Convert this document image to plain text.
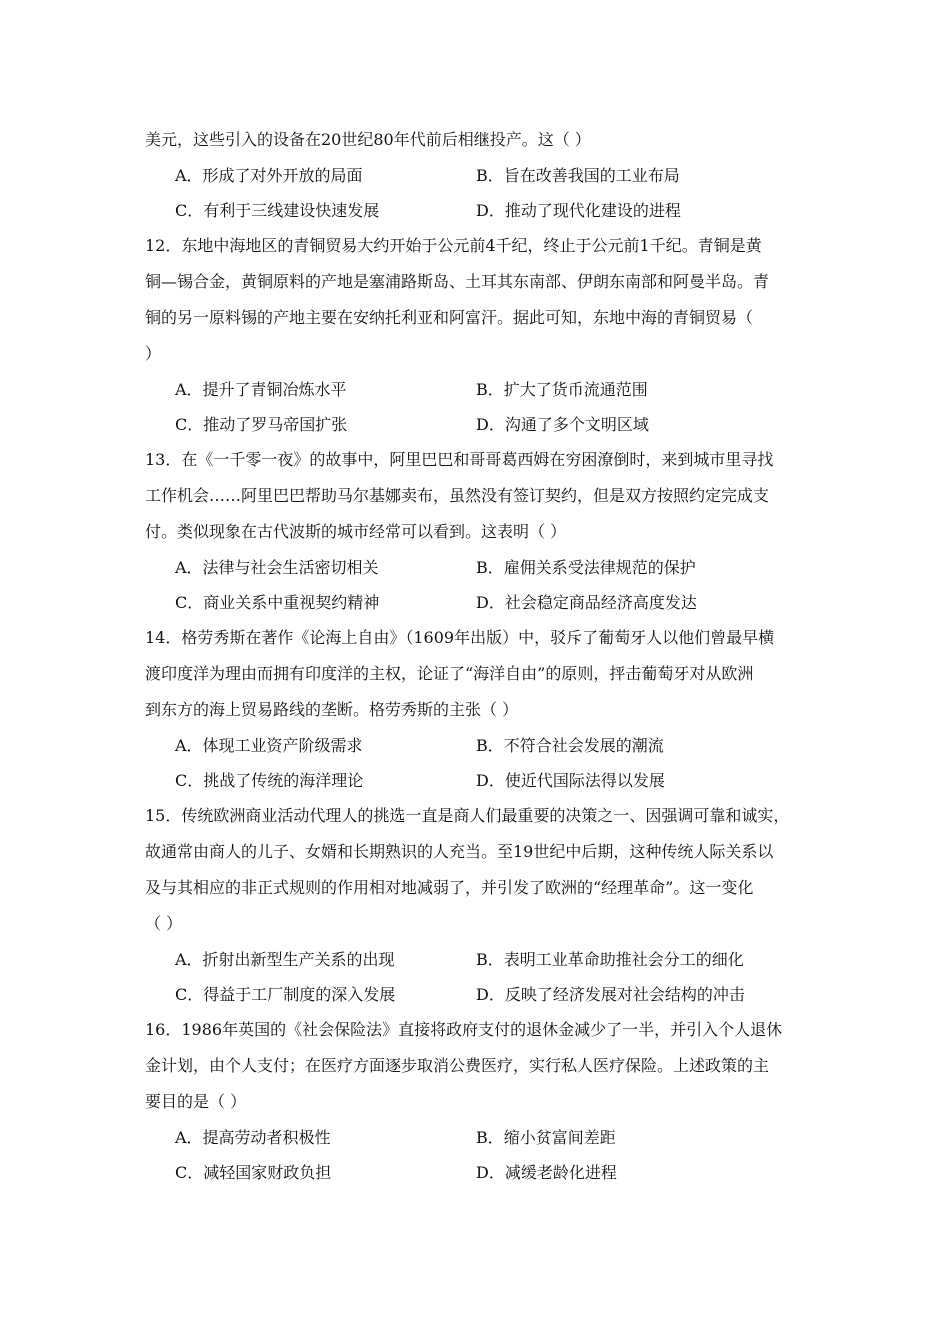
美元，这些引入的设备在20世纪80年代前后相继投产。这（ ）
A．形成了对外开放的局面	B．旨在改善我国的工业布局
C．有利于三线建设快速发展	D．推动了现代化建设的进程
12．东地中海地区的青铜贸易大约开始于公元前4千纪，终止于公元前1千纪。青铜是黄
铜—锡合金，黄铜原料的产地是塞浦路斯岛、土耳其东南部、伊朗东南部和阿曼半岛。青
铜的另一原料锡的产地主要在安纳托利亚和阿富汗。据此可知，东地中海的青铜贸易（
）
A．提升了青铜冶炼水平	B．扩大了货币流通范围
C．推动了罗马帝国扩张	D．沟通了多个文明区域
13．在《一千零一夜》的故事中，阿里巴巴和哥哥葛西姆在穷困潦倒时，来到城市里寻找
工作机会……阿里巴巴帮助马尔基娜卖布，虽然没有签订契约，但是双方按照约定完成支
付。类似现象在古代波斯的城市经常可以看到。这表明（ ）
A．法律与社会生活密切相关	B．雇佣关系受法律规范的保护
C．商业关系中重视契约精神	D．社会稳定商品经济高度发达
14．格劳秀斯在著作《论海上自由》（1609年出版）中，驳斥了葡萄牙人以他们曾最早横
渡印度洋为理由而拥有印度洋的主权，论证了“海洋自由”的原则，抨击葡萄牙对从欧洲
到东方的海上贸易路线的垄断。格劳秀斯的主张（ ）
A．体现工业资产阶级需求	B．不符合社会发展的潮流
C．挑战了传统的海洋理论	D．使近代国际法得以发展
15．传统欧洲商业活动代理人的挑选一直是商人们最重要的决策之一、因强调可靠和诚实，
故通常由商人的儿子、女婿和长期熟识的人充当。至19世纪中后期，这种传统人际关系以
及与其相应的非正式规则的作用相对地减弱了，并引发了欧洲的“经理革命”。这一变化
（ ）
A．折射出新型生产关系的出现	B．表明工业革命助推社会分工的细化
C．得益于工厂制度的深入发展	D．反映了经济发展对社会结构的冲击
16．1986年英国的《社会保险法》直接将政府支付的退休金减少了一半，并引入个人退休
金计划，由个人支付；在医疗方面逐步取消公费医疗，实行私人医疗保险。上述政策的主
要目的是（ ）
A．提高劳动者积极性	B．缩小贫富间差距
C．减轻国家财政负担	D．减缓老龄化进程
